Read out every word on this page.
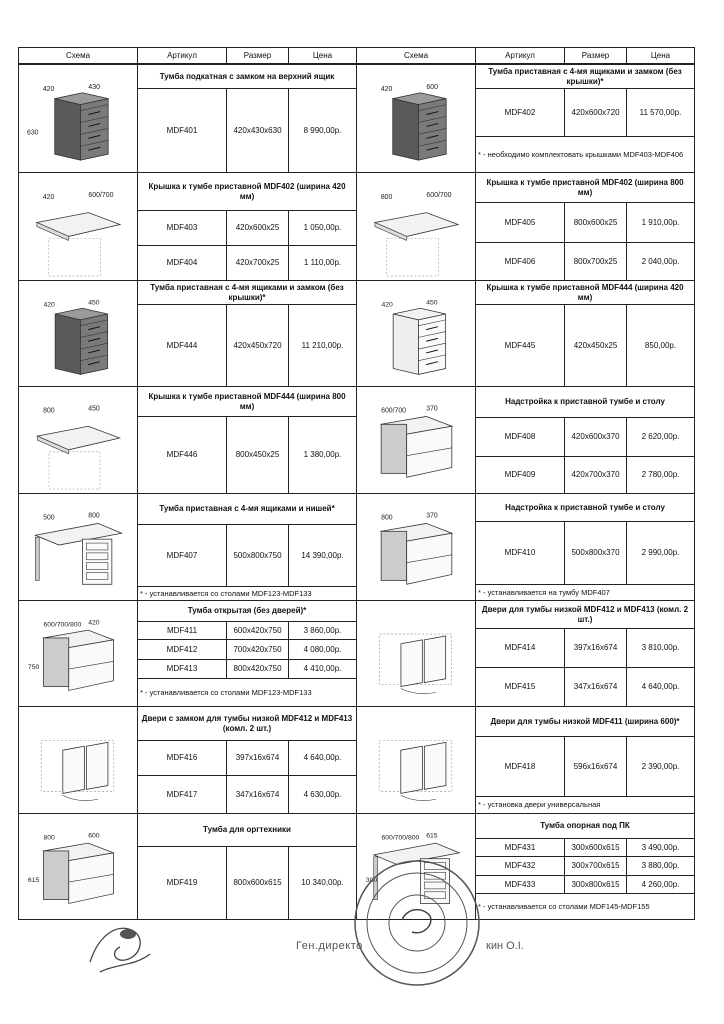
Схема	Артикул	Размер	Цена	Схема	Артикул	Размер	Цена
420	430
630
Тумба подкатная с замком на верхний ящик
MDF401	420x430x630	8 990,00р.
420	600/700
Крышка к тумбе приставной MDF402 (ширина 420 мм)
MDF403	420x600x25	1 050,00р.
MDF404	420x700x25	1 110,00р.
420	450
Тумба приставная с 4-мя ящиками и замком (без крышки)*
MDF444	420x450x720	11 210,00р.
800	450
Крышка к тумбе приставной MDF444 (ширина 800 мм)
MDF446	800x450x25	1 380,00р.
500	800
Тумба приставная с 4-мя ящиками и нишей*
MDF407	500x800x750	14 390,00р.
* - устанавливается со столами MDF123-MDF133
600/700/800 420
750
Тумба открытая (без дверей)*
MDF411	600x420x750	3 860,00р.
MDF412	700x420x750	4 080,00р.
MDF413	800x420x750	4 410,00р.
* - устанавливается со столами MDF123-MDF133
Двери с замком для тумбы низкой MDF412 и MDF413 (комл. 2 шт.)
MDF416	397x16x674	4 640,00р.
MDF417	347x16x674	4 630,00р.
800	600
615
Тумба для оргтехники
MDF419	800x600x615	10 340,00р.
420	600
Тумба приставная с 4-мя ящиками и замком (без крышки)*
MDF402	420x600x720	11 570,00р.
* - необходимо комплектовать крышками MDF403-MDF406
800	600/700
Крышка к тумбе приставной MDF402 (ширина 800 мм)
MDF405	800x600x25	1 910,00р.
MDF406	800x700x25	2 040,00р.
420	450
Крышка к тумбе приставной MDF444 (ширина 420 мм)
MDF445	420x450x25	850,00р.
600/700	370
Надстройка к приставной тумбе и столу
MDF408	420x600x370	2 620,00р.
MDF409	420x700x370	2 780,00р.
800	370
Надстройка к приставной тумбе и столу
MDF410	500x800x370	2 990,00р.
* - устанавливается на тумбу MDF407
Двери для тумбы низкой MDF412 и MDF413 (комл. 2 шт.)
MDF414	397x16x674	3 810,00р.
MDF415	347x16x674	4 640,00р.
Двери для тумбы низкой MDF411 (ширина 600)*
MDF418	596x16x674	2 390,00р.
* - установка двери универсальная
600/700/800 615
300
Тумба опорная под ПК
MDF431	300x600x615	3 490,00р.
MDF432	300x700x615	3 880,00р.
MDF433	300x800x615	4 260,00р.
* - устанавливается со столами MDF145-MDF155
Ген.директо	кин О.І.
